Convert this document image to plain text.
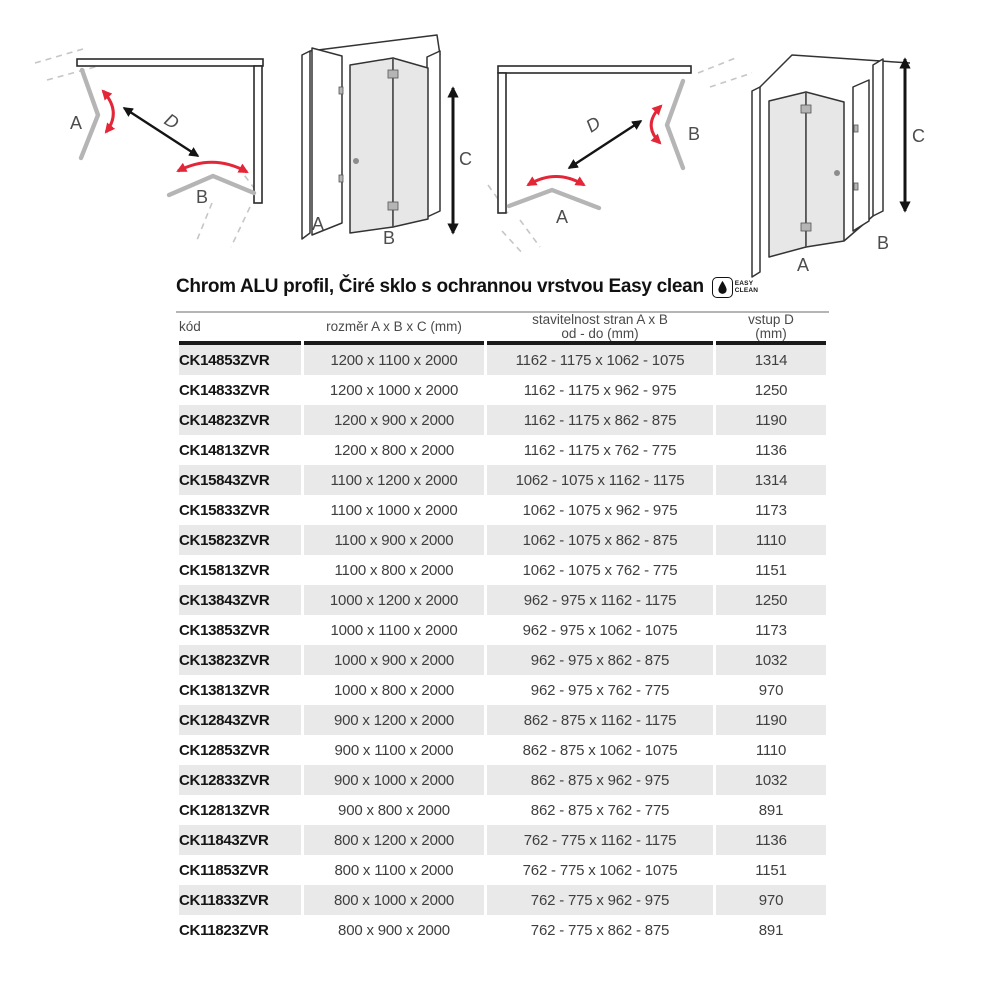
A
B
D
A
B
C
B
A
D
A
B
C
Chrom ALU profil, Čiré sklo s ochrannou vrstvou Easy clean	EASY
CLEAN
kód	rozměr A x B x C (mm)	stavitelnost stran A x B
od - do (mm)	vstup D
(mm)

CK14853ZVR	1200 x 1100 x 2000	1162 - 1175 x 1062 - 1075	1314
CK14833ZVR	1200 x 1000 x 2000	1162 - 1175 x 962 - 975	1250
CK14823ZVR	1200 x 900 x 2000	1162 - 1175 x 862 - 875	1190
CK14813ZVR	1200 x 800 x 2000	1162 - 1175 x 762 - 775	1136
CK15843ZVR	1100 x 1200 x 2000	1062 - 1075 x 1162 - 1175	1314
CK15833ZVR	1100 x 1000 x 2000	1062 - 1075 x 962 - 975	1173
CK15823ZVR	1100 x 900 x 2000	1062 - 1075 x 862 - 875	1110
CK15813ZVR	1100 x 800 x 2000	1062 - 1075 x 762 - 775	1151
CK13843ZVR	1000 x 1200 x 2000	962 - 975 x 1162 - 1175	1250
CK13853ZVR	1000 x 1100 x 2000	962 - 975 x 1062 - 1075	1173
CK13823ZVR	1000 x 900 x 2000	962 - 975 x 862 - 875	1032
CK13813ZVR	1000 x 800 x 2000	962 - 975 x 762 - 775	970
CK12843ZVR	900 x 1200 x 2000	862 - 875 x 1162 - 1175	1190
CK12853ZVR	900 x 1100 x 2000	862 - 875 x 1062 - 1075	1110
CK12833ZVR	900 x 1000 x 2000	862 - 875 x 962 - 975	1032
CK12813ZVR	900 x 800 x 2000	862 - 875 x 762 - 775	891
CK11843ZVR	800 x 1200 x 2000	762 - 775 x 1162 - 1175	1136
CK11853ZVR	800 x 1100 x 2000	762 - 775 x 1062 - 1075	1151
CK11833ZVR	800 x 1000 x 2000	762 - 775 x 962 - 975	970
CK11823ZVR	800 x 900 x 2000	762 - 775 x 862 - 875	891
